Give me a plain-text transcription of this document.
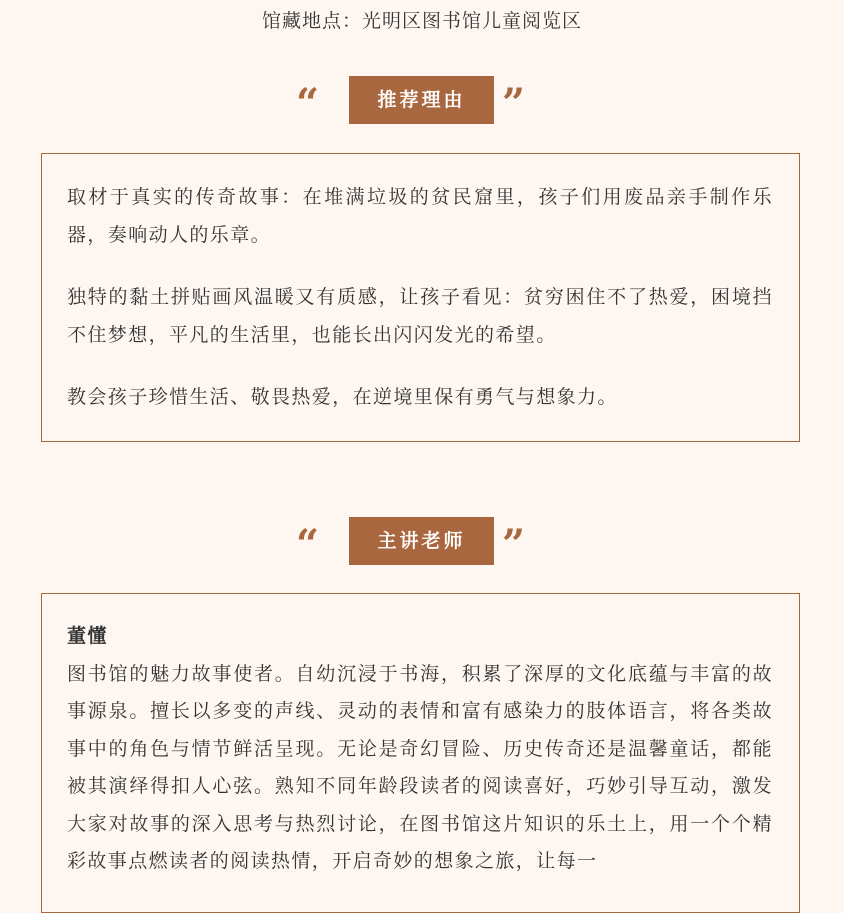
馆藏地点：光明区图书馆儿童阅览区
“	推荐理由 ”

取材于真实的传奇故事：在堆满垃圾的贫民窟里，孩子们用废品亲手制作乐器，奏响动人的乐章。

独特的黏土拼贴画风温暖又有质感，让孩子看见：贫穷困住不了热爱，困境挡不住梦想，平凡的生活里，也能长出闪闪发光的希望。

教会孩子珍惜生活、敬畏热爱，在逆境里保有勇气与想象力。

“	主讲老师 ”

董懂

图书馆的魅力故事使者。自幼沉浸于书海，积累了深厚的文化底蕴与丰富的故事源泉。擅长以多变的声线、灵动的表情和富有感染力的肢体语言，将各类故事中的角色与情节鲜活呈现。无论是奇幻冒险、历史传奇还是温馨童话，都能被其演绎得扣人心弦。熟知不同年龄段读者的阅读喜好，巧妙引导互动，激发大家对故事的深入思考与热烈讨论，在图书馆这片知识的乐土上，用一个个精彩故事点燃读者的阅读热情，开启奇妙的想象之旅，让每一
